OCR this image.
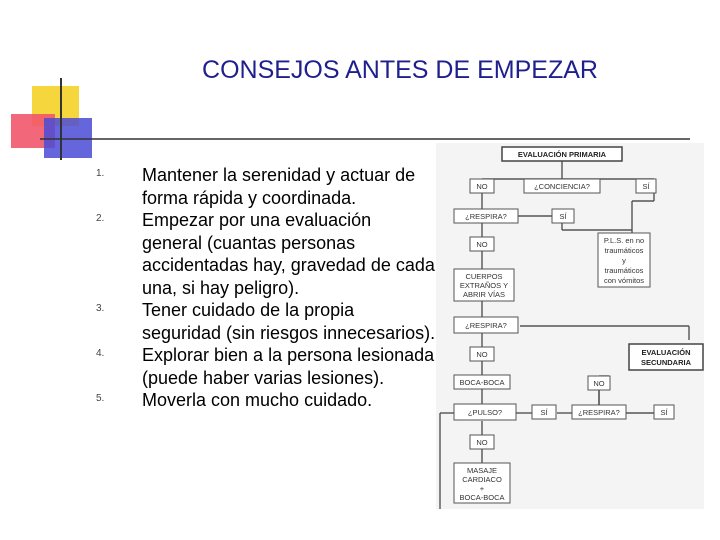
CONSEJOS ANTES DE EMPEZAR
1.	Mantener la serenidad y actuar de forma rápida y coordinada.
2.	Empezar por una evaluación general (cuantas personas accidentadas hay, gravedad de cada una, si hay peligro).
3.	Tener cuidado de la propia seguridad (sin riesgos innecesarios).
4.	Explorar bien a la persona lesionada (puede haber varias lesiones).
5.	Moverla con mucho cuidado.
EVALUACIÓN PRIMARIA
NO	¿CONCIENCIA?	SÍ
¿RESPIRA?	SÍ
NO	P.L.S. en no
traumáticos
y
traumáticos
con vómitos
CUERPOS
EXTRAÑOS Y
ABRIR VÍAS
¿RESPIRA?
EVALUACIÓN
SECUNDARIA
NO
BOCA-BOCA	NO
¿PULSO?	SÍ	¿RESPIRA?	SÍ
NO
MASAJE
CARDIACO
+
BOCA-BOCA
